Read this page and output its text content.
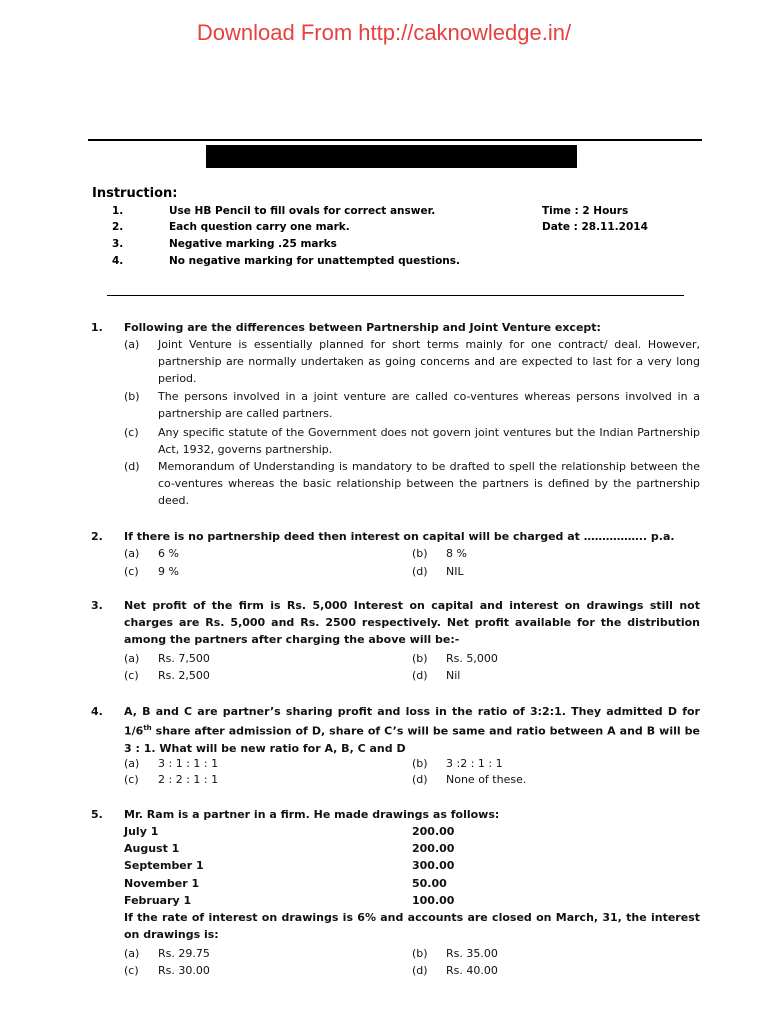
Download From http://caknowledge.in/
Instruction:
1.	Use HB Pencil to fill ovals for correct answer.	Time : 2 Hours
2.	Each question carry one mark.	Date : 28.11.2014
3.	Negative marking .25 marks
4.	No negative marking for unattempted questions.
1. Following are the differences between Partnership and Joint Venture except:
(a) Joint Venture is essentially planned for short terms mainly for one contract/ deal. However, partnership are normally undertaken as going concerns and are expected to last for a very long period.
(b) The persons involved in a joint venture are called co-ventures whereas persons involved in a partnership are called partners.
(c) Any specific statute of the Government does not govern joint ventures but the Indian Partnership Act, 1932, governs partnership.
(d) Memorandum of Understanding is mandatory to be drafted to spell the relationship between the co-ventures whereas the basic relationship between the partners is defined by the partnership deed.
2. If there is no partnership deed then interest on capital will be charged at …………….. p.a.
(a) 6 %	(b) 8 %
(c) 9 %	(d) NIL
3. Net profit of the firm is Rs. 5,000 Interest on capital and interest on drawings still not charges are Rs. 5,000 and Rs. 2500 respectively. Net profit available for the distribution among the partners after charging the above will be:-
(a) Rs. 7,500	(b) Rs. 5,000
(c) Rs. 2,500	(d) Nil
4. A, B and C are partner’s sharing profit and loss in the ratio of 3:2:1. They admitted D for 1/6th share after admission of D, share of C’s will be same and ratio between A and B will be 3 : 1. What will be new ratio for A, B, C and D
(a) 3 : 1 : 1 : 1	(b) 3 :2 : 1 : 1
(c) 2 : 2 : 1 : 1	(d) None of these.
5. Mr. Ram is a partner in a firm. He made drawings as follows:
July 1	200.00
August 1	200.00
September 1	300.00
November 1	50.00
February 1	100.00
If the rate of interest on drawings is 6% and accounts are closed on March, 31, the interest on drawings is:
(a) Rs. 29.75	(b) Rs. 35.00
(c) Rs. 30.00	(d) Rs. 40.00
